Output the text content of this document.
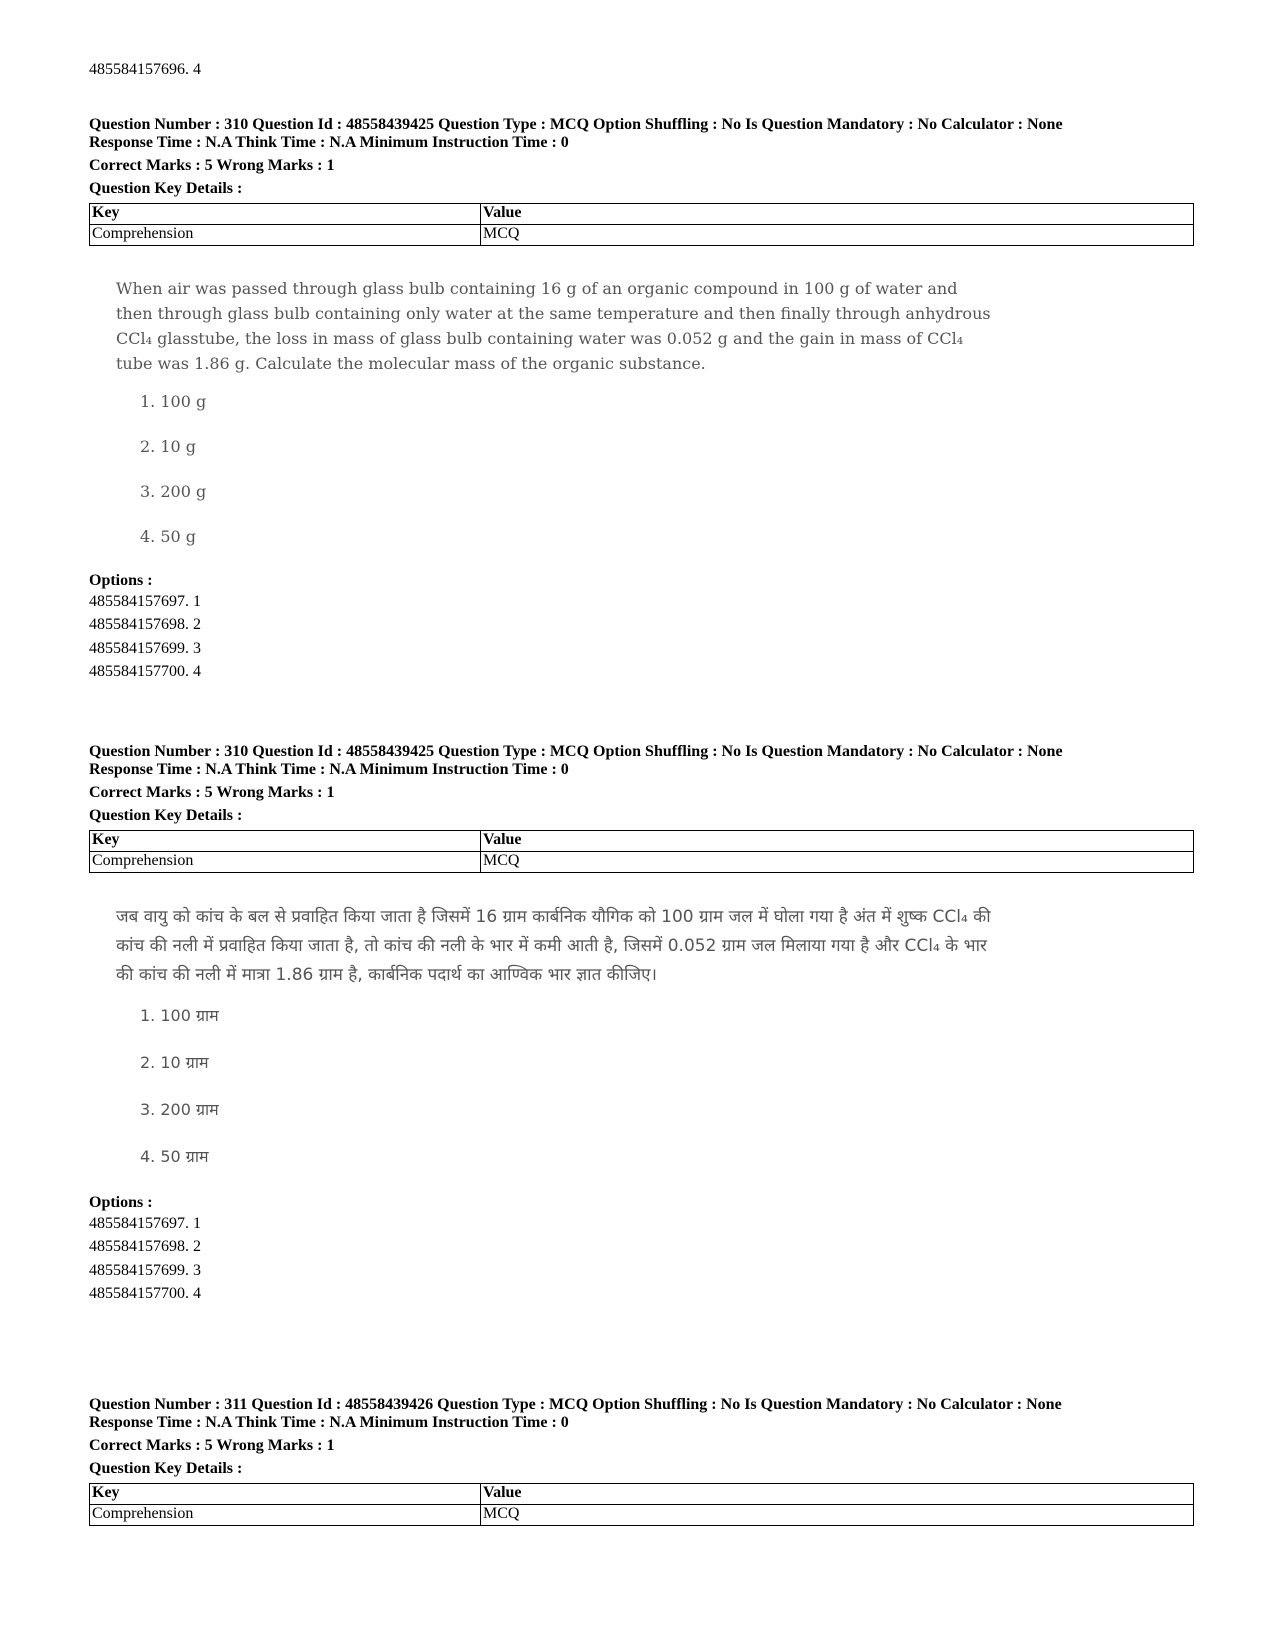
485584157696. 4

Question Number : 310 Question Id : 48558439425 Question Type : MCQ Option Shuffling : No Is Question Mandatory : No Calculator : None

Response Time : N.A Think Time : N.A Minimum Instruction Time : 0

Correct Marks : 5 Wrong Marks : 1

Question Key Details :

Key	Value
Comprehension	MCQ
When air was passed through glass bulb containing 16 g of an organic compound in 100 g of water and then through glass bulb containing only water at the same temperature and then finally through anhydrous CCl₄ glasstube, the loss in mass of glass bulb containing water was 0.052 g and the gain in mass of CCl₄ tube was 1.86 g. Calculate the molecular mass of the organic substance.
1. 100 g
2. 10 g
3. 200 g
4. 50 g
Options :
485584157697. 1
485584157698. 2
485584157699. 3
485584157700. 4

Question Number : 310 Question Id : 48558439425 Question Type : MCQ Option Shuffling : No Is Question Mandatory : No Calculator : None

Response Time : N.A Think Time : N.A Minimum Instruction Time : 0

Correct Marks : 5 Wrong Marks : 1

Question Key Details :

Key	Value
Comprehension	MCQ
जब वायु को कांच के बल से प्रवाहित किया जाता है जिसमें 16 ग्राम कार्बनिक यौगिक को 100 ग्राम जल में घोला गया है अंत में शुष्क CCl₄ की कांच की नली में प्रवाहित किया जाता है, तो कांच की नली के भार में कमी आती है, जिसमें 0.052 ग्राम जल मिलाया गया है और CCl₄ के भार की कांच की नली में मात्रा 1.86 ग्राम है, कार्बनिक पदार्थ का आण्विक भार ज्ञात कीजिए।
1. 100 ग्राम
2. 10 ग्राम
3. 200 ग्राम
4. 50 ग्राम
Options :
485584157697. 1
485584157698. 2
485584157699. 3
485584157700. 4

Question Number : 311 Question Id : 48558439426 Question Type : MCQ Option Shuffling : No Is Question Mandatory : No Calculator : None

Response Time : N.A Think Time : N.A Minimum Instruction Time : 0

Correct Marks : 5 Wrong Marks : 1

Question Key Details :

Key	Value
Comprehension	MCQ
